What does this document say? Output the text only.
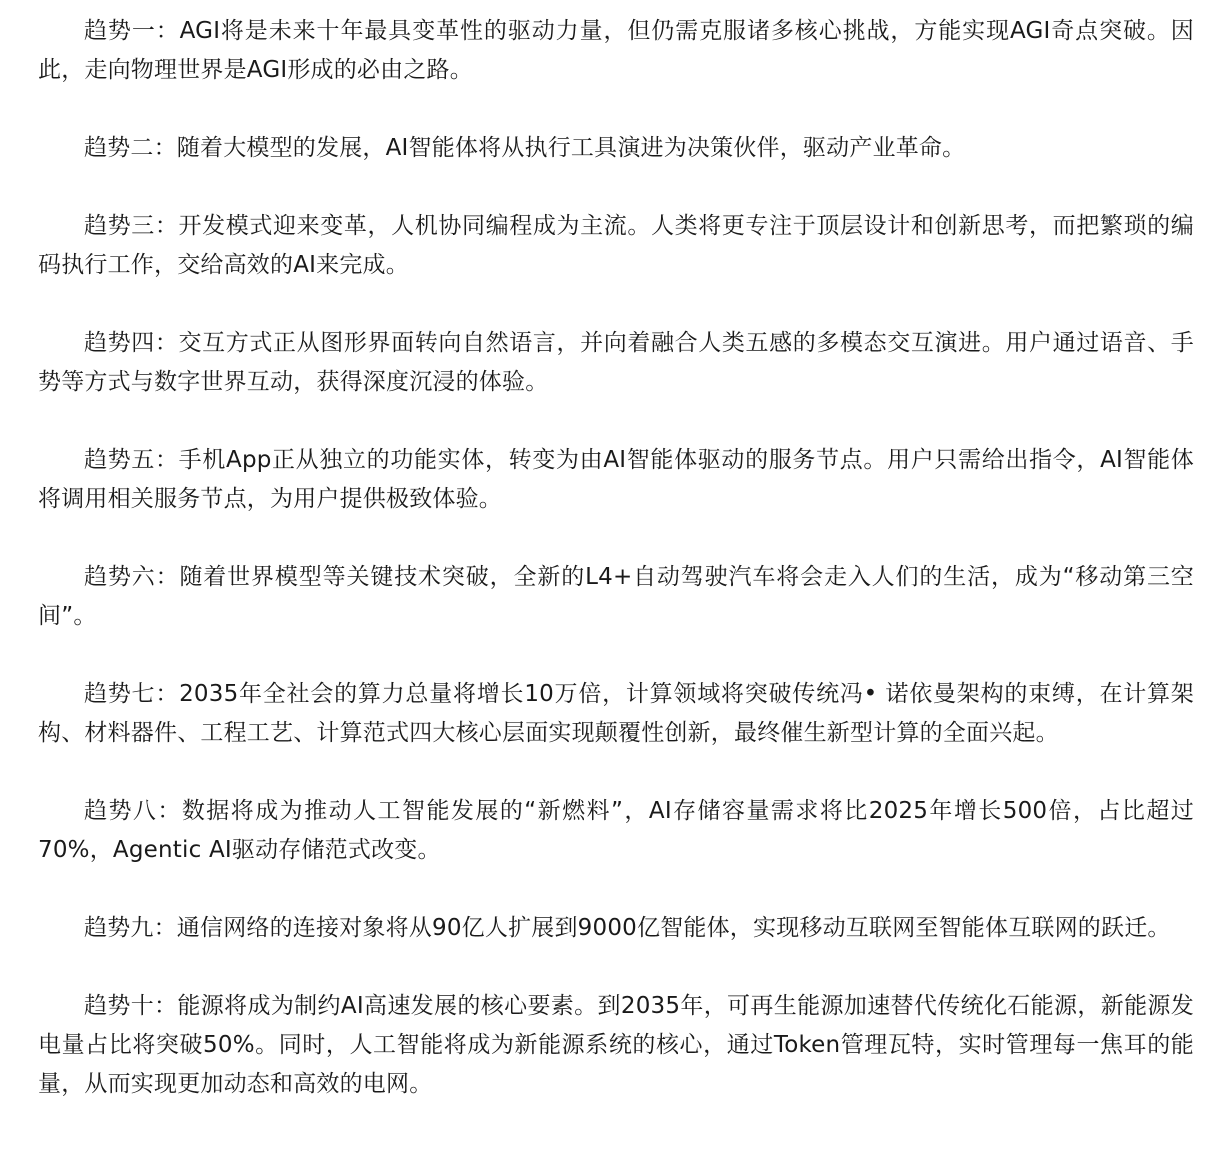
趋势一：AGI将是未来十年最具变革性的驱动力量，但仍需克服诸多核心挑战，方能实现AGI奇点突破。因此，走向物理世界是AGI形成的必由之路。

趋势二：随着大模型的发展，AI智能体将从执行工具演进为决策伙伴，驱动产业革命。

趋势三：开发模式迎来变革，人机协同编程成为主流。人类将更专注于顶层设计和创新思考，而把繁琐的编码执行工作，交给高效的AI来完成。

趋势四：交互方式正从图形界面转向自然语言，并向着融合人类五感的多模态交互演进。用户通过语音、手势等方式与数字世界互动，获得深度沉浸的体验。

趋势五：手机App正从独立的功能实体，转变为由AI智能体驱动的服务节点。用户只需给出指令，AI智能体将调用相关服务节点，为用户提供极致体验。

趋势六：随着世界模型等关键技术突破，全新的L4+自动驾驶汽车将会走入人们的生活，成为“移动第三空间”。

趋势七：2035年全社会的算力总量将增长10万倍，计算领域将突破传统冯• 诺依曼架构的束缚，在计算架构、材料器件、工程工艺、计算范式四大核心层面实现颠覆性创新，最终催生新型计算的全面兴起。

趋势八：数据将成为推动人工智能发展的“新燃料”，AI存储容量需求将比2025年增长500倍，占比超过70%，Agentic AI驱动存储范式改变。

趋势九：通信网络的连接对象将从90亿人扩展到9000亿智能体，实现移动互联网至智能体互联网的跃迁。

趋势十：能源将成为制约AI高速发展的核心要素。到2035年，可再生能源加速替代传统化石能源，新能源发电量占比将突破50%。同时，人工智能将成为新能源系统的核心，通过Token管理瓦特，实时管理每一焦耳的能量，从而实现更加动态和高效的电网。
